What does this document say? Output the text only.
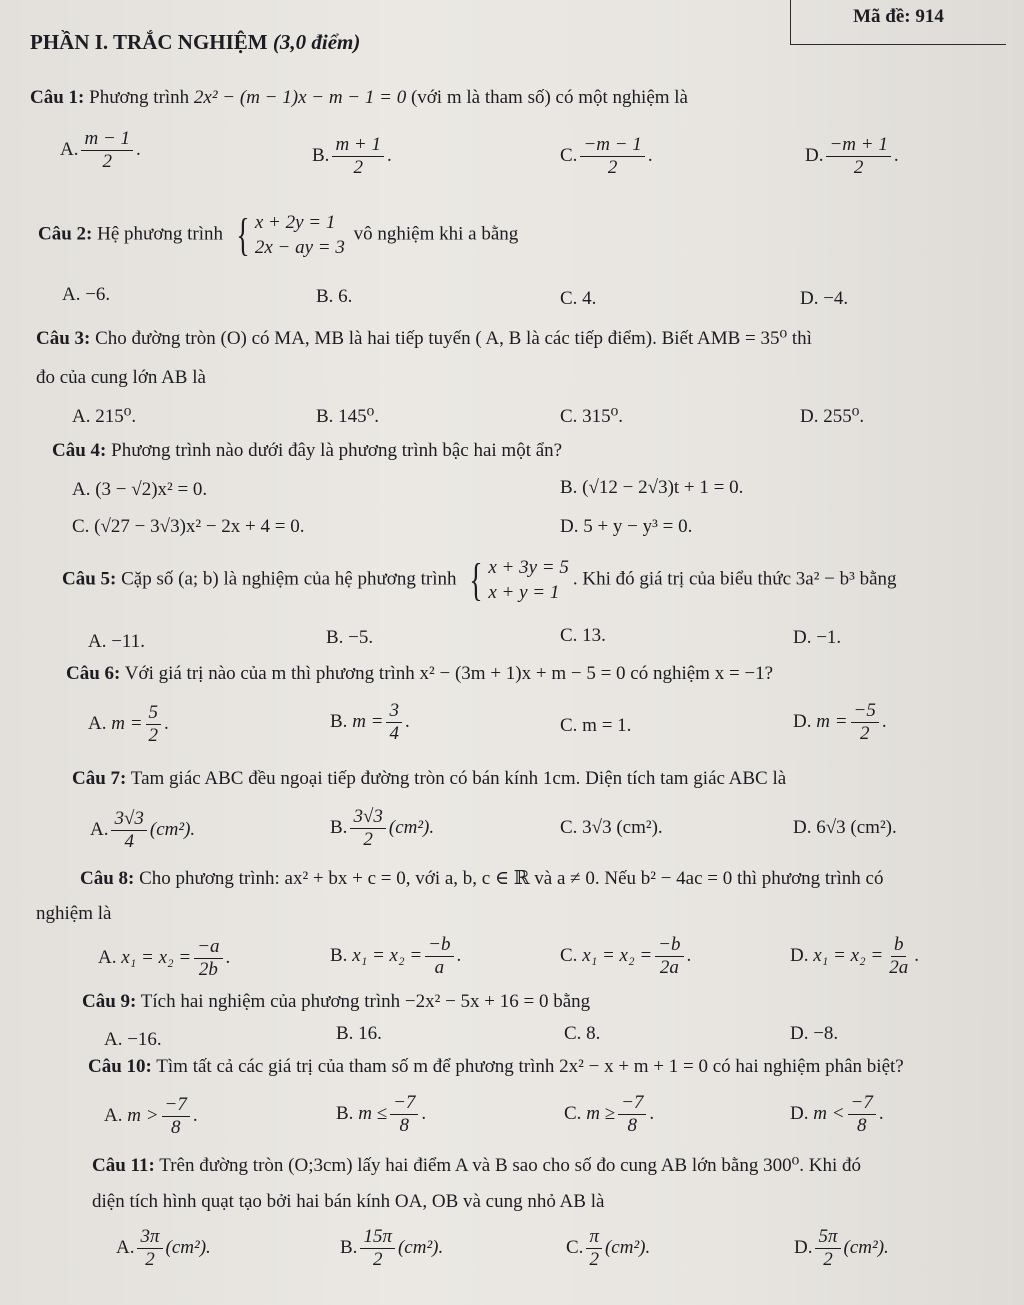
Mã đề: 914
PHẦN I. TRẮC NGHIỆM (3,0 điểm)
Câu 1: Phương trình 2x² − (m − 1)x − m − 1 = 0 (với m là tham số) có một nghiệm là
A. $\frac{m - 1}{2}$ .	B. $\frac{m + 1}{2}$ .	C. $\frac{-m - 1}{2}$ .	D. $\frac{-m + 1}{2}$ .
Câu 2: Hệ phương trình { x + 2y = 1
2x − ay = 3
vô nghiệm khi a bằng
A. −6.	B. 6.	C. 4.	D. −4.
Câu 3: Cho đường tròn (O) có MA, MB là hai tiếp tuyến ( A, B là các tiếp điểm). Biết AMB = 35⁰ thì
đo của cung lớn AB là
A. 215⁰.	B. 145⁰.	C. 315⁰.	D. 255⁰.
Câu 4: Phương trình nào dưới đây là phương trình bậc hai một ẩn?
A. (3 − √2)x² = 0.	B. (√12 − 2√3)t + 1 = 0.
C. (√27 − 3√3)x² − 2x + 4 = 0.	D. 5 + y − y³ = 0.
Câu 5: Cặp số (a; b) là nghiệm của hệ phương trình { x + 3y = 5
x + y = 1
. Khi đó giá trị của biểu thức 3a² − b³ bằng
A. −11.	B. −5.	C. 13.	D. −1.
Câu 6: Với giá trị nào của m thì phương trình x² − (3m + 1)x + m − 5 = 0 có nghiệm x = −1?
A. $m = \frac{5}{2}$ .	B. $m = \frac{3}{4}$ .	C. m = 1.	D. $m = \frac{-5}{2}$ .
Câu 7: Tam giác ABC đều ngoại tiếp đường tròn có bán kính 1cm. Diện tích tam giác ABC là
A. $\frac{3√3}{4} (cm^2)$.	B. $\frac{3√3}{2} (cm^2)$.	C. 3√3 (cm²).	D. 6√3 (cm²).
Câu 8: Cho phương trình: ax² + bx + c = 0, với a, b, c ∈ ℝ và a ≠ 0. Nếu b² − 4ac = 0 thì phương trình có
nghiệm là
A. $x_1 = x_2 = \frac{-a}{2b}$ .	B. $x_1 = x_2 = \frac{-b}{a}$ .	C. $x_1 = x_2 = \frac{-b}{2a}$ .	D. $x_1 = x_2 = \frac{b}{2a}$ .
Câu 9: Tích hai nghiệm của phương trình −2x² − 5x + 16 = 0 bằng
A. −16.	B. 16.	C. 8.	D. −8.
Câu 10: Tìm tất cả các giá trị của tham số m để phương trình 2x² − x + m + 1 = 0 có hai nghiệm phân biệt?
A. $m > \frac{-7}{8}$ .	B. $m \le \frac{-7}{8}$ .	C. $m \ge \frac{-7}{8}$ .	D. $m < \frac{-7}{8}$ .
Câu 11: Trên đường tròn (O;3cm) lấy hai điểm A và B sao cho số đo cung AB lớn bằng 300⁰. Khi đó
diện tích hình quạt tạo bởi hai bán kính OA, OB và cung nhỏ AB là
A. $\frac{3\pi}{2} (cm^2)$.	B. $\frac{15\pi}{2} (cm^2)$.	C. $\frac{\pi}{2} (cm^2)$.	D. $\frac{5\pi}{2} (cm^2)$.
